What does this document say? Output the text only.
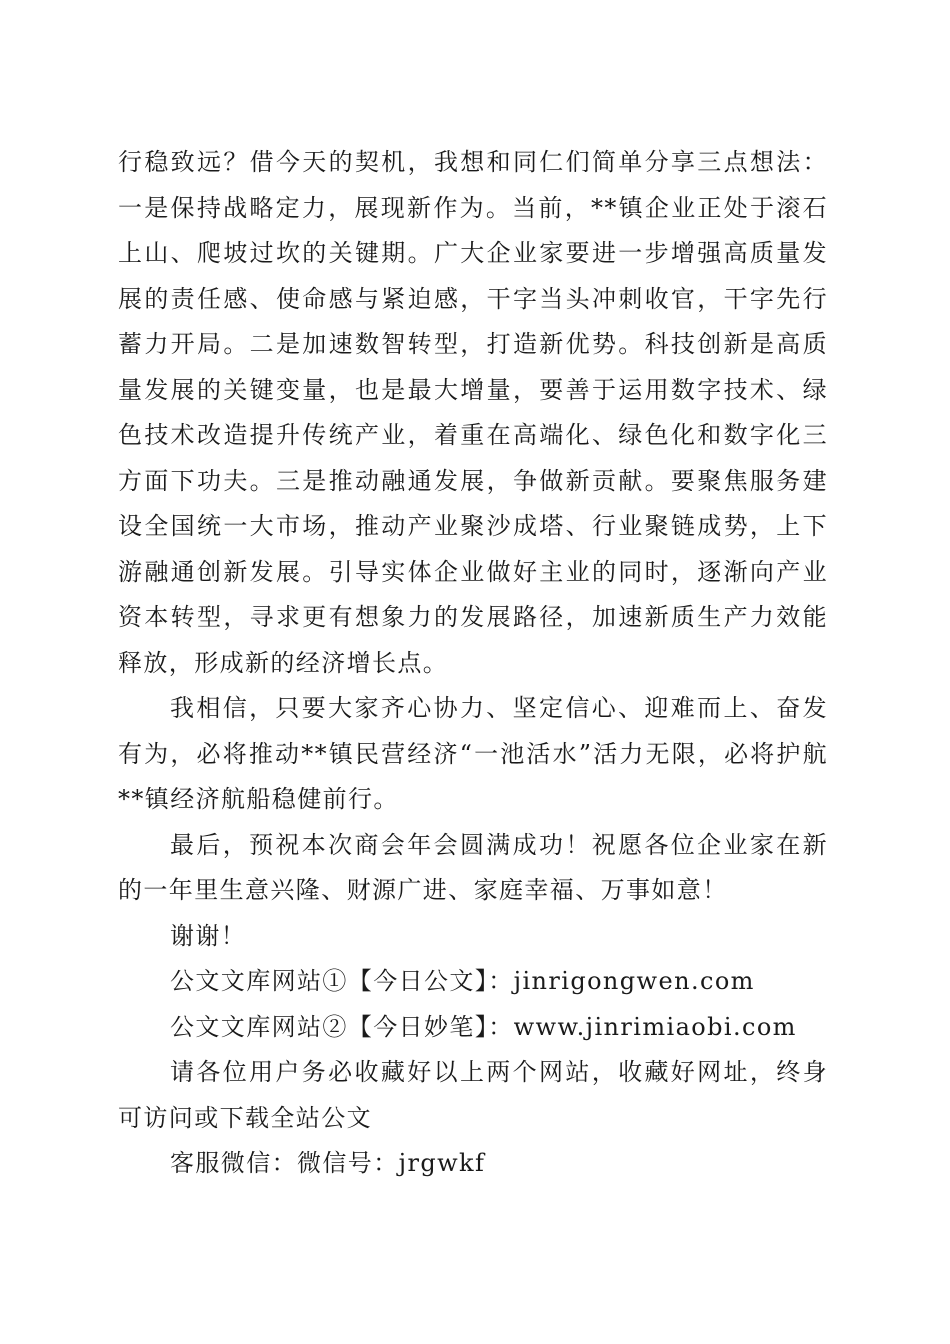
行稳致远？借今天的契机，我想和同仁们简单分享三点想法：一是保持战略定力，展现新作为。当前，**镇企业正处于滚石上山、爬坡过坎的关键期。广大企业家要进一步增强高质量发展的责任感、使命感与紧迫感，干字当头冲刺收官，干字先行蓄力开局。二是加速数智转型，打造新优势。科技创新是高质量发展的关键变量，也是最大增量，要善于运用数字技术、绿色技术改造提升传统产业，着重在高端化、绿色化和数字化三方面下功夫。三是推动融通发展，争做新贡献。要聚焦服务建设全国统一大市场，推动产业聚沙成塔、行业聚链成势，上下游融通创新发展。引导实体企业做好主业的同时，逐渐向产业资本转型，寻求更有想象力的发展路径，加速新质生产力效能释放，形成新的经济增长点。

我相信，只要大家齐心协力、坚定信心、迎难而上、奋发有为，必将推动**镇民营经济“一池活水”活力无限，必将护航**镇经济航船稳健前行。

最后，预祝本次商会年会圆满成功！祝愿各位企业家在新的一年里生意兴隆、财源广进、家庭幸福、万事如意！

谢谢！

公文文库网站①【今日公文】：jinrigongwen.com

公文文库网站②【今日妙笔】：www.jinrimiaobi.com

请各位用户务必收藏好以上两个网站，收藏好网址，终身可访问或下载全站公文

客服微信：微信号：jrgwkf
